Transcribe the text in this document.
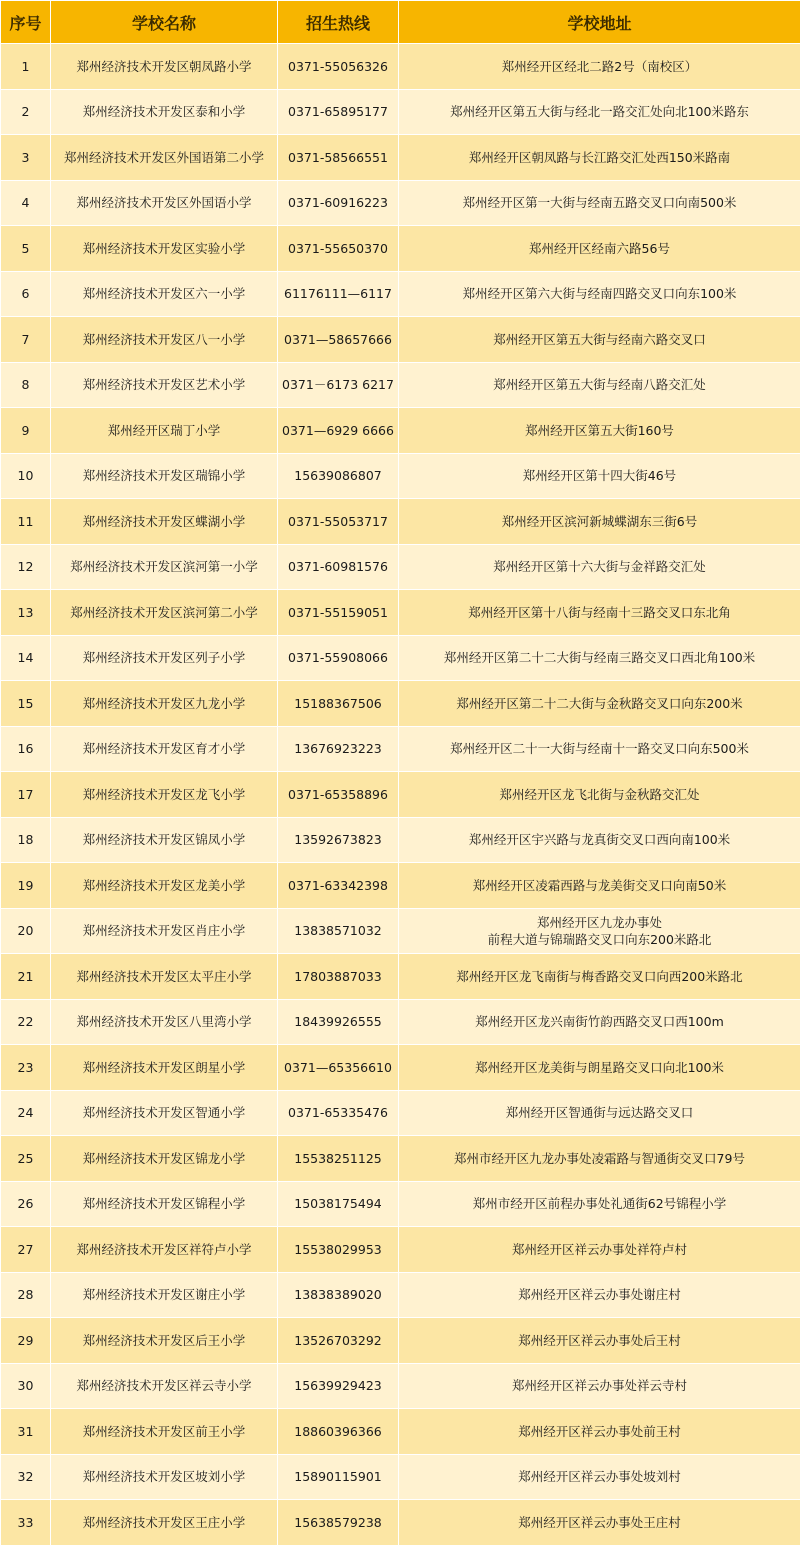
序号	学校名称	招生热线	学校地址
1	郑州经济技术开发区朝凤路小学	0371-55056326	郑州经开区经北二路2号（南校区）

2	郑州经济技术开发区泰和小学	0371-65895177	郑州经开区第五大街与经北一路交汇处向北100米路东

3	郑州经济技术开发区外国语第二小学	0371-58566551	郑州经开区朝凤路与长江路交汇处西150米路南

4	郑州经济技术开发区外国语小学	0371-60916223	郑州经开区第一大街与经南五路交叉口向南500米

5	郑州经济技术开发区实验小学	0371-55650370	郑州经开区经南六路56号

6	郑州经济技术开发区六一小学	61176111—6117	郑州经开区第六大街与经南四路交叉口向东100米

7	郑州经济技术开发区八一小学	0371—58657666	郑州经开区第五大街与经南六路交叉口

8	郑州经济技术开发区艺术小学	0371－6173 6217	郑州经开区第五大街与经南八路交汇处

9	郑州经开区瑞丁小学	0371—6929 6666	郑州经开区第五大街160号

10	郑州经济技术开发区瑞锦小学	15639086807	郑州经开区第十四大街46号

11	郑州经济技术开发区蝶湖小学	0371-55053717	郑州经开区滨河新城蝶湖东三街6号

12	郑州经济技术开发区滨河第一小学	0371-60981576	郑州经开区第十六大街与金祥路交汇处

13	郑州经济技术开发区滨河第二小学	0371-55159051	郑州经开区第十八街与经南十三路交叉口东北角

14	郑州经济技术开发区列子小学	0371-55908066	郑州经开区第二十二大街与经南三路交叉口西北角100米

15	郑州经济技术开发区九龙小学	15188367506	郑州经开区第二十二大街与金秋路交叉口向东200米

16	郑州经济技术开发区育才小学	13676923223	郑州经开区二十一大街与经南十一路交叉口向东500米

17	郑州经济技术开发区龙飞小学	0371-65358896	郑州经开区龙飞北街与金秋路交汇处

18	郑州经济技术开发区锦凤小学	13592673823	郑州经开区宇兴路与龙真街交叉口西向南100米

19	郑州经济技术开发区龙美小学	0371-63342398	郑州经开区凌霜西路与龙美街交叉口向南50米

20	郑州经济技术开发区肖庄小学	13838571032	郑州经开区九龙办事处
前程大道与锦瑞路交叉口向东200米路北

21	郑州经济技术开发区太平庄小学	17803887033	郑州经开区龙飞南街与梅香路交叉口向西200米路北

22	郑州经济技术开发区八里湾小学	18439926555	郑州经开区龙兴南街竹韵西路交叉口西100m

23	郑州经济技术开发区朗星小学	0371—65356610	郑州经开区龙美街与朗星路交叉口向北100米

24	郑州经济技术开发区智通小学	0371-65335476	郑州经开区智通街与远达路交叉口

25	郑州经济技术开发区锦龙小学	15538251125	郑州市经开区九龙办事处凌霜路与智通街交叉口79号

26	郑州经济技术开发区锦程小学	15038175494	郑州市经开区前程办事处礼通街62号锦程小学

27	郑州经济技术开发区祥符卢小学	15538029953	郑州经开区祥云办事处祥符卢村

28	郑州经济技术开发区谢庄小学	13838389020	郑州经开区祥云办事处谢庄村

29	郑州经济技术开发区后王小学	13526703292	郑州经开区祥云办事处后王村

30	郑州经济技术开发区祥云寺小学	15639929423	郑州经开区祥云办事处祥云寺村

31	郑州经济技术开发区前王小学	18860396366	郑州经开区祥云办事处前王村

32	郑州经济技术开发区坡刘小学	15890115901	郑州经开区祥云办事处坡刘村

33	郑州经济技术开发区王庄小学	15638579238	郑州经开区祥云办事处王庄村
